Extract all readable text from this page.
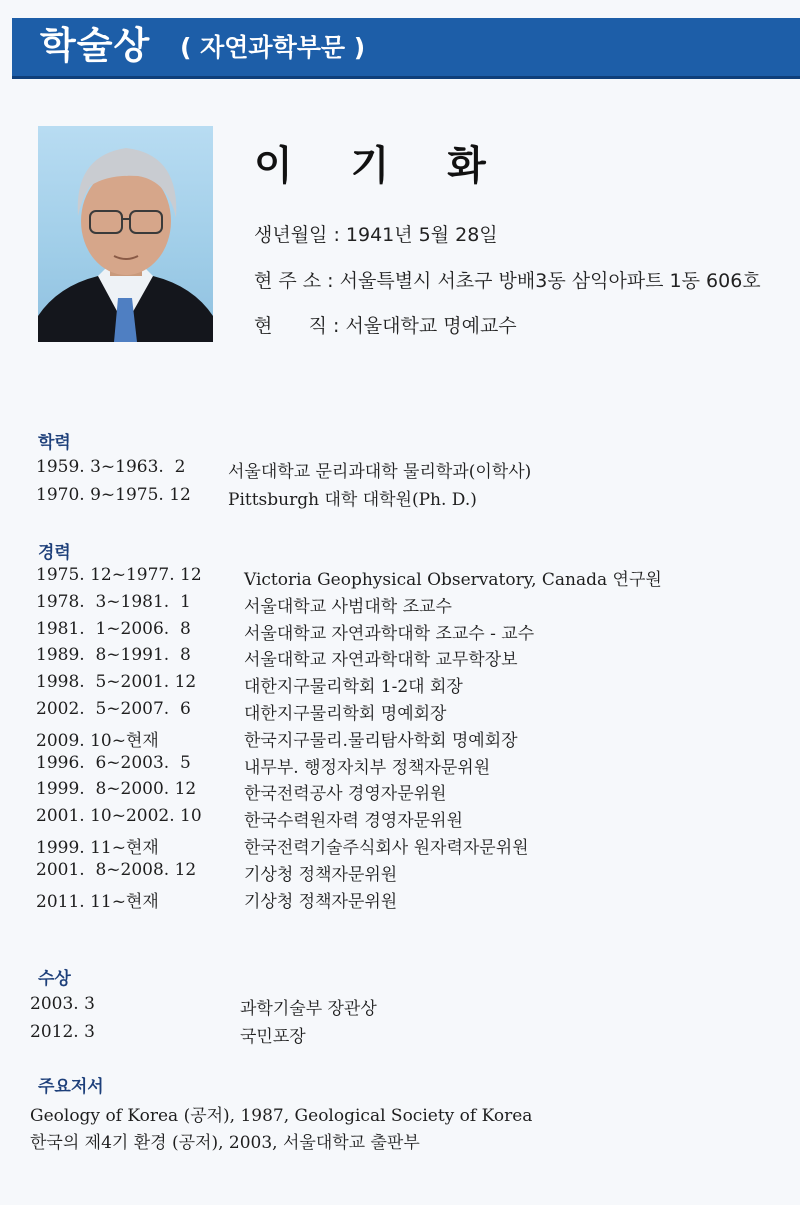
학술상 ( 자연과학부문 )

이 기 화
생년월일 : 1941년 5월 28일
현 주 소 : 서울특별시 서초구 방배3동 삼익아파트 1동 606호
현      직 : 서울대학교 명예교수
학력
1959. 3~1963.  2	서울대학교 문리과대학 물리학과(이학사)
1970. 9~1975. 12 Pittsburgh 대학 대학원(Ph. D.)
경력
1975. 12~1977. 12 Victoria Geophysical Observatory, Canada 연구원
1978.  3~1981.  1	서울대학교 사범대학 조교수
1981.  1~2006.  8	서울대학교 자연과학대학 조교수 - 교수
1989.  8~1991.  8	서울대학교 자연과학대학 교무학장보
1998.  5~2001. 12	대한지구물리학회 1-2대 회장
2002.  5~2007.  6	대한지구물리학회 명예회장
2009. 10~현재	한국지구물리.물리탐사학회 명예회장
1996.  6~2003.  5	내무부. 행정자치부 정책자문위원
1999.  8~2000. 12	한국전력공사 경영자문위원
2001. 10~2002. 10 한국수력원자력 경영자문위원
1999. 11~현재	한국전력기술주식회사 원자력자문위원
2001.  8~2008. 12	기상청 정책자문위원
2011. 11~현재	기상청 정책자문위원
수상
2003. 3	과학기술부 장관상
2012. 3	국민포장
주요저서
Geology of Korea (공저), 1987, Geological Society of Korea
한국의 제4기 환경 (공저), 2003, 서울대학교 출판부
